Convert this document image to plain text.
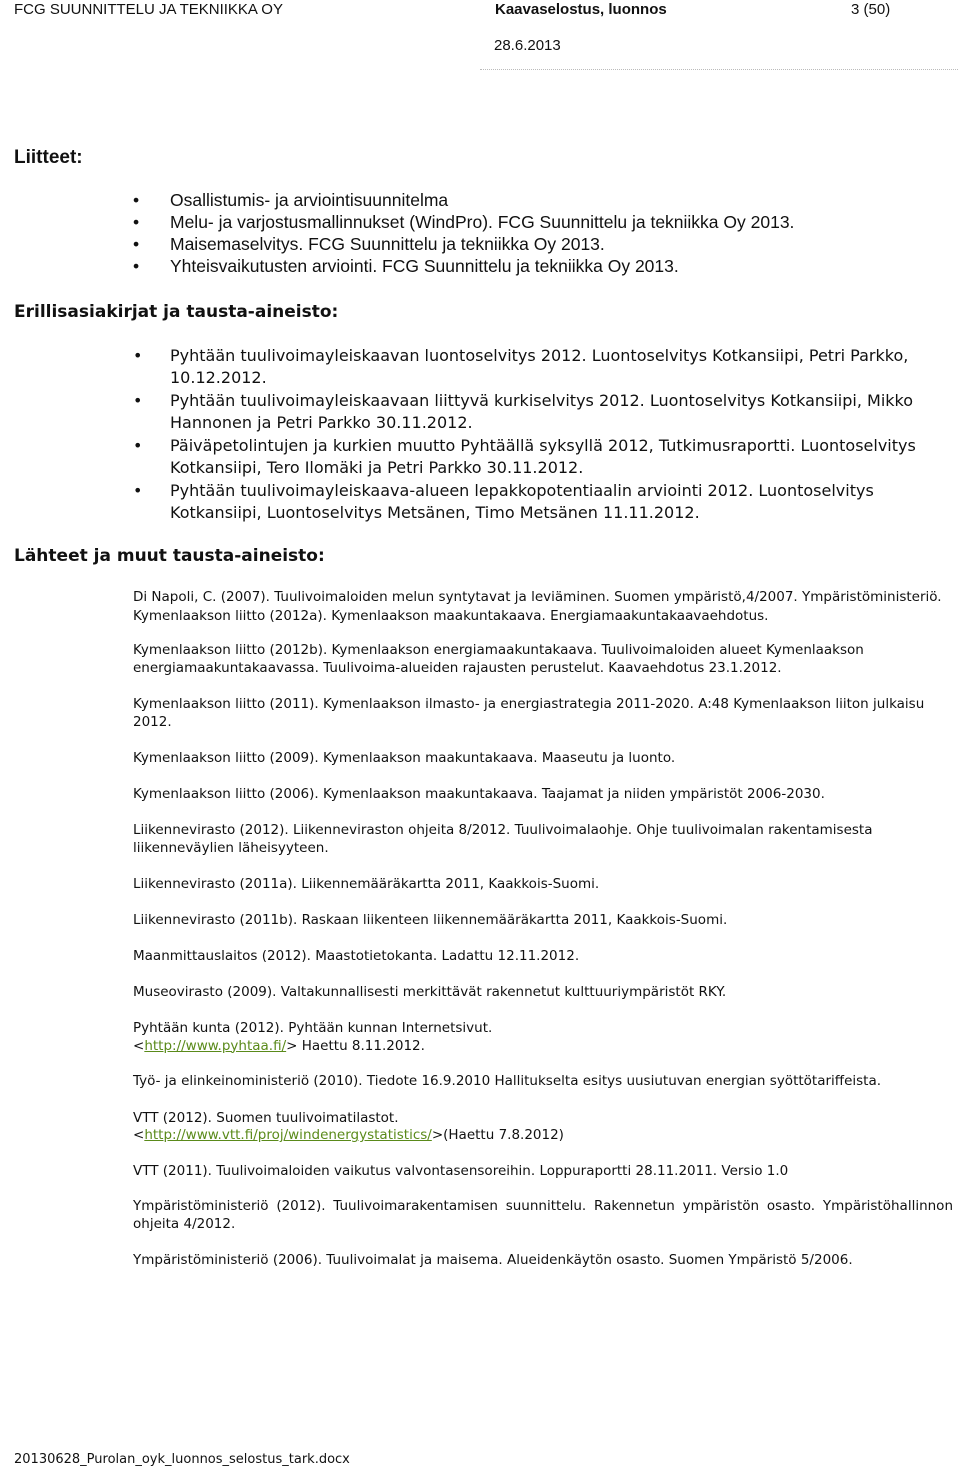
FCG SUUNNITTELU JA TEKNIIKKA OY	Kaavaselostus, luonnos	3 (50)
28.6.2013
Liitteet:
• Osallistumis- ja arviointisuunnitelma
• Melu- ja varjostusmallinnukset (WindPro). FCG Suunnittelu ja tekniikka Oy 2013.
• Maisemaselvitys. FCG Suunnittelu ja tekniikka Oy 2013.
• Yhteisvaikutusten arviointi. FCG Suunnittelu ja tekniikka Oy 2013.
Erillisasiakirjat ja tausta-aineisto:
• Pyhtään tuulivoimayleiskaavan luontoselvitys 2012. Luontoselvitys Kotkansiipi, Petri Parkko, 10.12.2012.
• Pyhtään tuulivoimayleiskaavaan liittyvä kurkiselvitys 2012. Luontoselvitys Kotkansiipi, Mikko Hannonen ja Petri Parkko 30.11.2012.
• Päiväpetolintujen ja kurkien muutto Pyhtäällä syksyllä 2012, Tutkimusraportti. Luontoselvitys Kotkansiipi, Tero Ilomäki ja Petri Parkko 30.11.2012.
• Pyhtään tuulivoimayleiskaava-alueen lepakkopotentiaalin arviointi 2012. Luontoselvitys Kotkansiipi, Luontoselvitys Metsänen, Timo Metsänen 11.11.2012.
Lähteet ja muut tausta-aineisto:

Di Napoli, C. (2007). Tuulivoimaloiden melun syntytavat ja leviäminen. Suomen ympäristö,4/2007. Ympäristöministeriö.

Kymenlaakson liitto (2012a). Kymenlaakson maakuntakaava. Energiamaakuntakaavaehdotus.

Kymenlaakson liitto (2012b). Kymenlaakson energiamaakuntakaava. Tuulivoimaloiden alueet Kymenlaakson energiamaakuntakaavassa. Tuulivoima-alueiden rajausten perustelut. Kaavaehdotus 23.1.2012.

Kymenlaakson liitto (2011). Kymenlaakson ilmasto- ja energiastrategia 2011-2020. A:48 Kymenlaakson liiton julkaisu 2012.

Kymenlaakson liitto (2009). Kymenlaakson maakuntakaava. Maaseutu ja luonto.

Kymenlaakson liitto (2006). Kymenlaakson maakuntakaava. Taajamat ja niiden ympäristöt 2006-2030.

Liikennevirasto (2012). Liikenneviraston ohjeita 8/2012. Tuulivoimalaohje. Ohje tuulivoimalan rakentamisesta liikenneväylien läheisyyteen.

Liikennevirasto (2011a). Liikennemääräkartta 2011, Kaakkois-Suomi.

Liikennevirasto (2011b). Raskaan liikenteen liikennemääräkartta 2011, Kaakkois-Suomi.

Maanmittauslaitos (2012). Maastotietokanta. Ladattu 12.11.2012.

Museovirasto (2009). Valtakunnallisesti merkittävät rakennetut kulttuuriympäristöt RKY.

Pyhtään kunta (2012). Pyhtään kunnan Internetsivut.
<http://www.pyhtaa.fi/> Haettu 8.11.2012.

Työ- ja elinkeinoministeriö (2010). Tiedote 16.9.2010 Hallitukselta esitys uusiutuvan energian syöttötariffeista.

VTT (2012). Suomen tuulivoimatilastot.
<http://www.vtt.fi/proj/windenergystatistics/>(Haettu 7.8.2012)

VTT (2011). Tuulivoimaloiden vaikutus valvontasensoreihin. Loppuraportti 28.11.2011. Versio 1.0

Ympäristöministeriö (2012). Tuulivoimarakentamisen suunnittelu. Rakennetun ympäristön osasto. Ympäristöhallinnon ohjeita 4/2012.

Ympäristöministeriö (2006). Tuulivoimalat ja maisema. Alueidenkäytön osasto. Suomen Ympäristö 5/2006.

20130628_Purolan_oyk_luonnos_selostus_tark.docx
